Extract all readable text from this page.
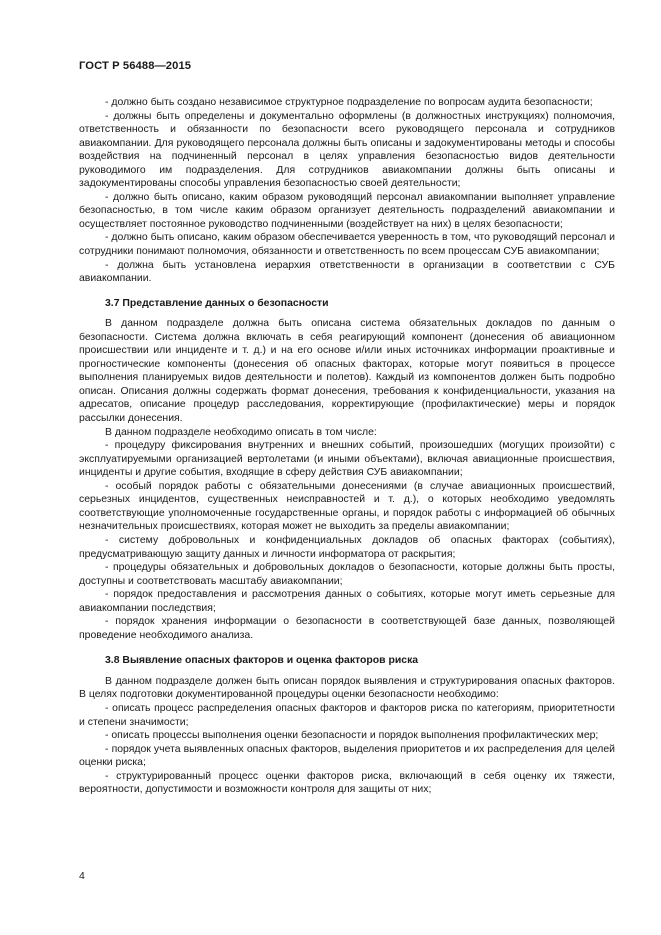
ГОСТ Р 56488—2015

- должно быть создано независимое структурное подразделение по вопросам аудита безопасности;

- должны быть определены и документально оформлены (в должностных инструкциях) полномочия, ответственность и обязанности по безопасности всего руководящего персонала и сотрудников авиакомпании. Для руководящего персонала должны быть описаны и задокументированы методы и способы воздействия на подчиненный персонал в целях управления безопасностью видов деятельности руководимого им подразделения. Для сотрудников авиакомпании должны быть описаны и задокументированы способы управления безопасностью своей деятельности;

- должно быть описано, каким образом руководящий персонал авиакомпании выполняет управление безопасностью, в том числе каким образом организует деятельность подразделений авиакомпании и осуществляет постоянное руководство подчиненными (воздействует на них) в целях безопасности;

- должно быть описано, каким образом обеспечивается уверенность в том, что руководящий персонал и сотрудники понимают полномочия, обязанности и ответственность по всем процессам СУБ авиакомпании;

- должна быть установлена иерархия ответственности в организации в соответствии с СУБ авиакомпании.

3.7 Представление данных о безопасности

В данном подразделе должна быть описана система обязательных докладов по данным о безопасности. Система должна включать в себя реагирующий компонент (донесения об авиационном происшествии или инциденте и т. д.) и на его основе и/или иных источниках информации проактивные и прогностические компоненты (донесения об опасных факторах, которые могут появиться в процессе выполнения планируемых видов деятельности и полетов). Каждый из компонентов должен быть подробно описан. Описания должны содержать формат донесения, требования к конфиденциальности, указания на адресатов, описание процедур расследования, корректирующие (профилактические) меры и порядок рассылки донесения.

В данном подразделе необходимо описать в том числе:

- процедуру фиксирования внутренних и внешних событий, произошедших (могущих произойти) с эксплуатируемыми организацией вертолетами (и иными объектами), включая авиационные происшествия, инциденты и другие события, входящие в сферу действия СУБ авиакомпании;

- особый порядок работы с обязательными донесениями (в случае авиационных происшествий, серьезных инцидентов, существенных неисправностей и т. д.), о которых необходимо уведомлять соответствующие уполномоченные государственные органы, и порядок работы с информацией об обычных незначительных происшествиях, которая может не выходить за пределы авиакомпании;

- систему добровольных и конфиденциальных докладов об опасных факторах (событиях), предусматривающую защиту данных и личности информатора от раскрытия;

- процедуры обязательных и добровольных докладов о безопасности, которые должны быть просты, доступны и соответствовать масштабу авиакомпании;

- порядок предоставления и рассмотрения данных о событиях, которые могут иметь серьезные для авиакомпании последствия;

- порядок хранения информации о безопасности в соответствующей базе данных, позволяющей проведение необходимого анализа.

3.8 Выявление опасных факторов и оценка факторов риска

В данном подразделе должен быть описан порядок выявления и структурирования опасных факторов. В целях подготовки документированной процедуры оценки безопасности необходимо:

- описать процесс распределения опасных факторов и факторов риска по категориям, приоритетности и степени значимости;

- описать процессы выполнения оценки безопасности и порядок выполнения профилактических мер;

- порядок учета выявленных опасных факторов, выделения приоритетов и их распределения для целей оценки риска;

- структурированный процесс оценки факторов риска, включающий в себя оценку их тяжести, вероятности, допустимости и возможности контроля для защиты от них;

4
